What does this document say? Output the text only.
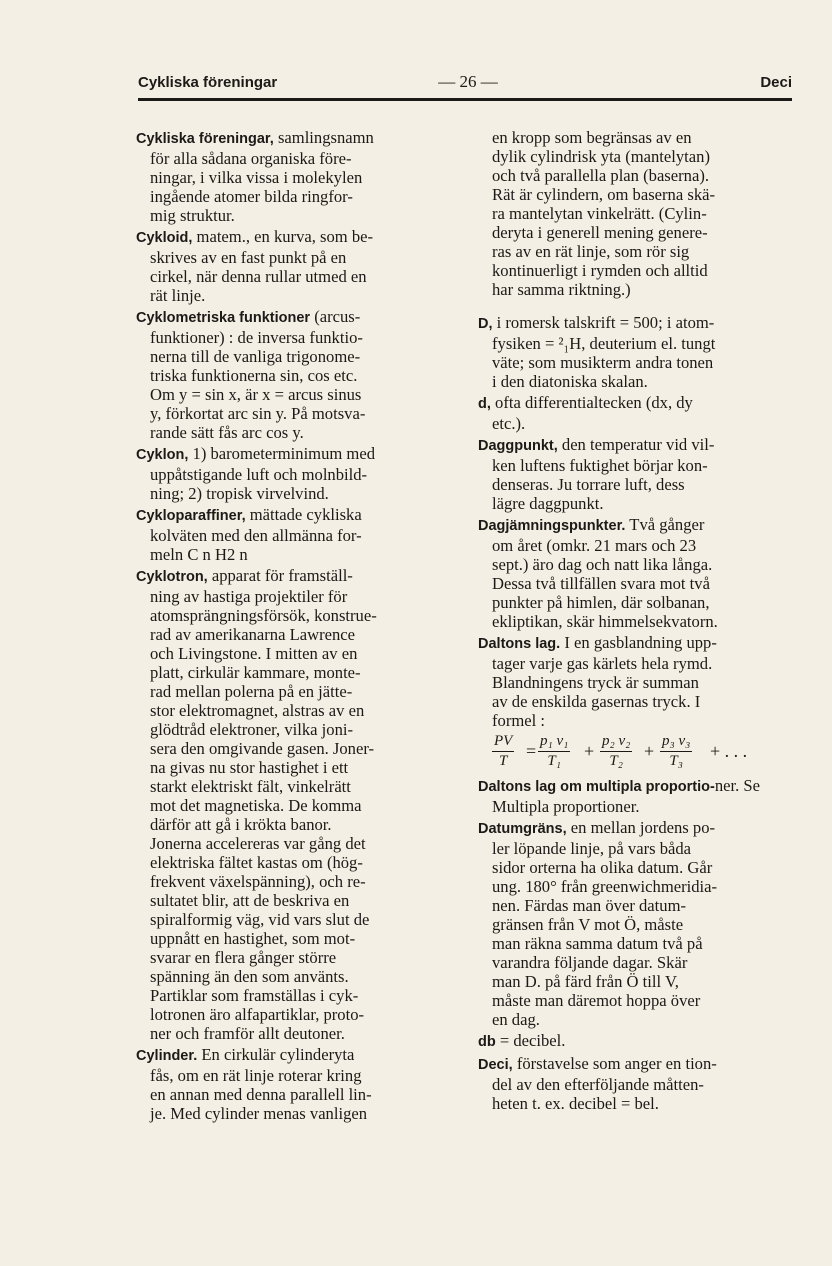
Cykliska föreningar	— 26 —	Deci
Cykliska föreningar, samlingsnamn
för alla sådana organiska före-
ningar, i vilka vissa i molekylen
ingående atomer bilda ringfor-
mig struktur.
Cykloid, matem., en kurva, som be-
skrives av en fast punkt på en
cirkel, när denna rullar utmed en
rät linje.
Cyklometriska funktioner (arcus-
funktioner) : de inversa funktio-
nerna till de vanliga trigonome-
triska funktionerna sin, cos etc.
Om y = sin x, är x = arcus sinus
y, förkortat arc sin y. På motsva-
rande sätt fås arc cos y.
Cyklon, 1) barometerminimum med
uppåtstigande luft och molnbild-
ning; 2) tropisk virvelvind.
Cykloparaffiner, mättade cykliska
kolväten med den allmänna for-
meln C n H2 n
Cyklotron, apparat för framställ-
ning av hastiga projektiler för
atomsprängningsförsök, konstrue-
rad av amerikanarna Lawrence
och Livingstone. I mitten av en
platt, cirkulär kammare, monte-
rad mellan polerna på en jätte-
stor elektromagnet, alstras av en
glödtråd elektroner, vilka joni-
sera den omgivande gasen. Joner-
na givas nu stor hastighet i ett
starkt elektriskt fält, vinkelrätt
mot det magnetiska. De komma
därför att gå i krökta banor.
Jonerna accelereras var gång det
elektriska fältet kastas om (hög-
frekvent växelspänning), och re-
sultatet blir, att de beskriva en
spiralformig väg, vid vars slut de
uppnått en hastighet, som mot-
svarar en flera gånger större
spänning än den som använts.
Partiklar som framställas i cyk-
lotronen äro alfapartiklar, proto-
ner och framför allt deutoner.
Cylinder. En cirkulär cylinderyta
fås, om en rät linje roterar kring
en annan med denna parallell lin-
je. Med cylinder menas vanligen
en kropp som begränsas av en
dylik cylindrisk yta (mantelytan)
och två parallella plan (baserna).
Rät är cylindern, om baserna skä-
ra mantelytan vinkelrätt. (Cylin-
deryta i generell mening genere-
ras av en rät linje, som rör sig
kontinuerligt i rymden och alltid
har samma riktning.)
D, i romersk talskrift = 500; i atom-
fysiken = ²₁H, deuterium el. tungt
väte; som musikterm andra tonen
i den diatoniska skalan.
d, ofta differentialtecken (dx, dy
etc.).
Daggpunkt, den temperatur vid vil-
ken luftens fuktighet börjar kon-
denseras. Ju torrare luft, dess
lägre daggpunkt.
Dagjämningspunkter. Två gånger
om året (omkr. 21 mars och 23
sept.) äro dag och natt lika långa.
Dessa två tillfällen svara mot två
punkter på himlen, där solbanan,
ekliptikan, skär himmelsekvatorn.
Daltons lag. I en gasblandning upp-
tager varje gas kärlets hela rymd.
Blandningens tryck är summan
av de enskilda gasernas tryck. I
formel :
$\frac{PV}{T} = \frac{\text{p₁ v₁}}{\text{T₁}} + \frac{\text{p₂ v₂}}{\text{T₂}} + \frac{\text{p₃ v₃}}{\text{T₃}}$ + . . .
Daltons lag om multipla proportio-ner. Se Multipla proportioner.
Datumgräns, en mellan jordens po-
ler löpande linje, på vars båda
sidor orterna ha olika datum. Går
ung. 180° från greenwichmeridia-
nen. Färdas man över datum-
gränsen från V mot Ö, måste
man räkna samma datum två på
varandra följande dagar. Skär
man D. på färd från Ö till V,
måste man däremot hoppa över
en dag.
db = decibel.
Deci, förstavelse som anger en tion-
del av den efterföljande måtten-
heten t. ex. decibel = bel.
